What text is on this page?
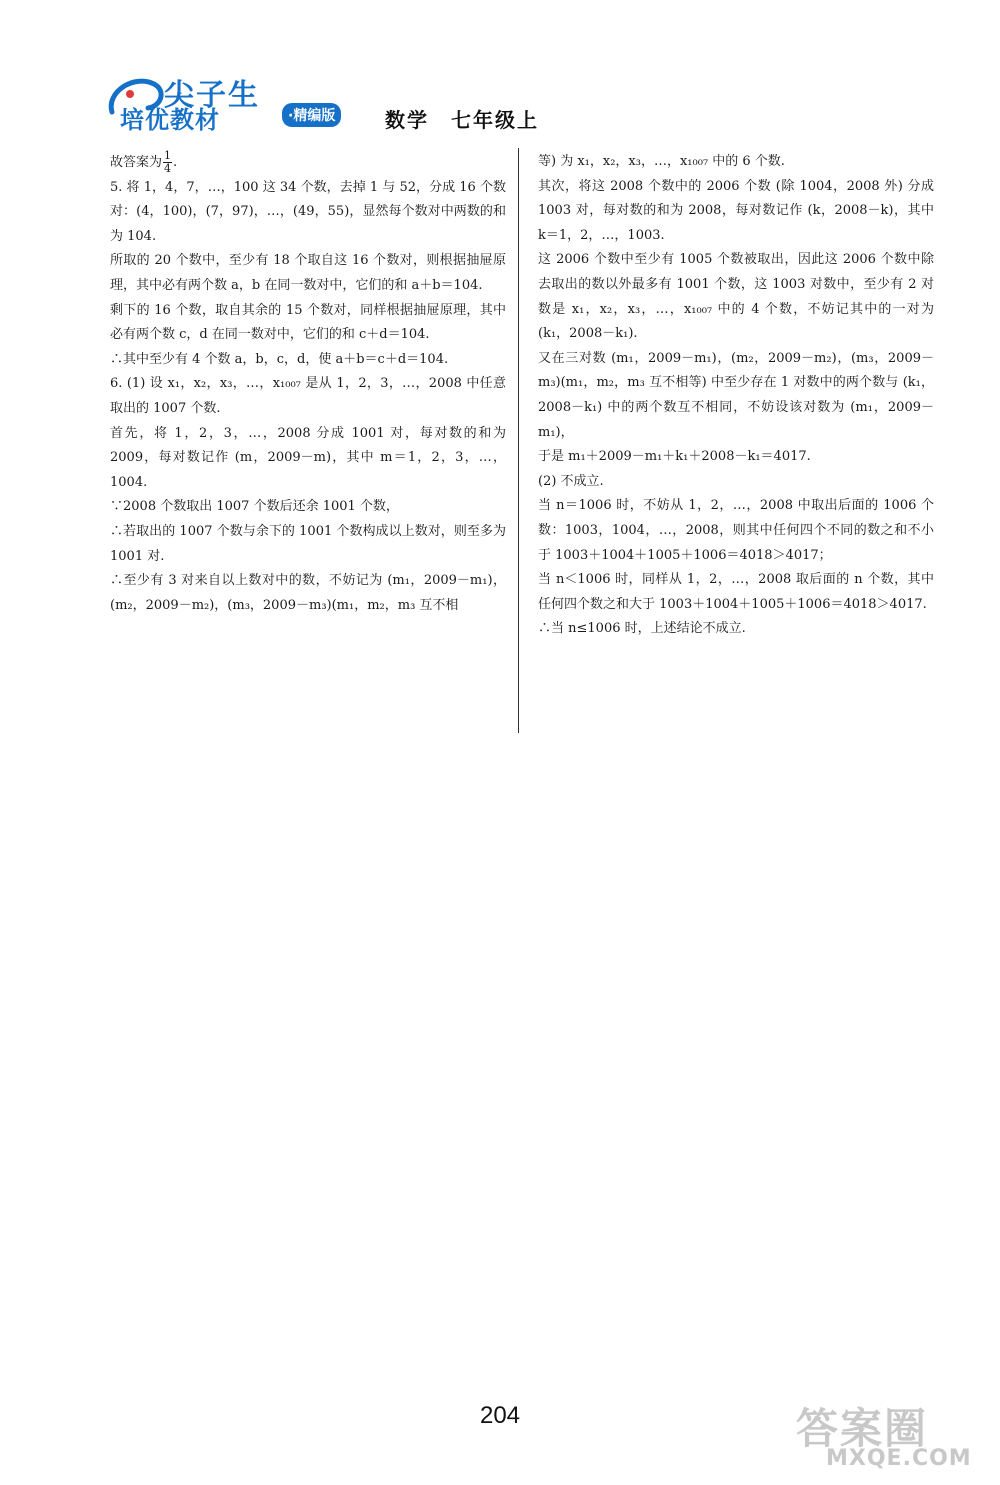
尖子生
培优教材	·精编版	数学　七年级上

故答案为 $\frac{1}{4}$ .

5. 将 1，4，7，…，100 这 34 个数，去掉 1 与 52，分成 16 个数对：(4，100)，(7，97)，…，(49，55)，显然每个数对中两数的和为 104.

所取的 20 个数中，至少有 18 个取自这 16 个数对，则根据抽屉原理，其中必有两个数 a，b 在同一数对中，它们的和 a＋b＝104.

剩下的 16 个数，取自其余的 15 个数对，同样根据抽屉原理，其中必有两个数 c，d 在同一数对中，它们的和 c＋d＝104.

∴其中至少有 4 个数 a，b，c，d，使 a＋b＝c＋d＝104.

6. (1) 设 x₁，x₂，x₃，…，x₁₀₀₇ 是从 1，2，3，…，2008 中任意取出的 1007 个数.

首先，将 1，2，3，…，2008 分成 1001 对，每对数的和为 2009，每对数记作 (m，2009－m)，其中 m＝1，2，3，…，1004.

∵2008 个数取出 1007 个数后还余 1001 个数，

∴若取出的 1007 个数与余下的 1001 个数构成以上数对，则至多为 1001 对.

∴至少有 3 对来自以上数对中的数，不妨记为 (m₁，2009－m₁)，(m₂，2009－m₂)，(m₃，2009－m₃)(m₁，m₂，m₃ 互不相

等) 为 x₁，x₂，x₃，…，x₁₀₀₇ 中的 6 个数.

其次，将这 2008 个数中的 2006 个数 (除 1004，2008 外) 分成 1003 对，每对数的和为 2008，每对数记作 (k，2008－k)，其中 k＝1，2，…，1003.

这 2006 个数中至少有 1005 个数被取出，因此这 2006 个数中除去取出的数以外最多有 1001 个数，这 1003 对数中，至少有 2 对数是 x₁，x₂，x₃，…，x₁₀₀₇ 中的 4 个数，不妨记其中的一对为 (k₁，2008－k₁).

又在三对数 (m₁，2009－m₁)，(m₂，2009－m₂)，(m₃，2009－m₃)(m₁，m₂，m₃ 互不相等) 中至少存在 1 对数中的两个数与 (k₁，2008－k₁) 中的两个数互不相同，不妨设该对数为 (m₁，2009－m₁)，

于是 m₁＋2009－m₁＋k₁＋2008－k₁＝4017.

(2) 不成立.

当 n＝1006 时，不妨从 1，2，…，2008 中取出后面的 1006 个数：1003，1004，…，2008，则其中任何四个不同的数之和不小于 1003＋1004＋1005＋1006＝4018＞4017；

当 n＜1006 时，同样从 1，2，…，2008 取后面的 n 个数，其中任何四个数之和大于 1003＋1004＋1005＋1006＝4018＞4017.

∴当 n≤1006 时，上述结论不成立.

204	答案圈
MXQE.COM
